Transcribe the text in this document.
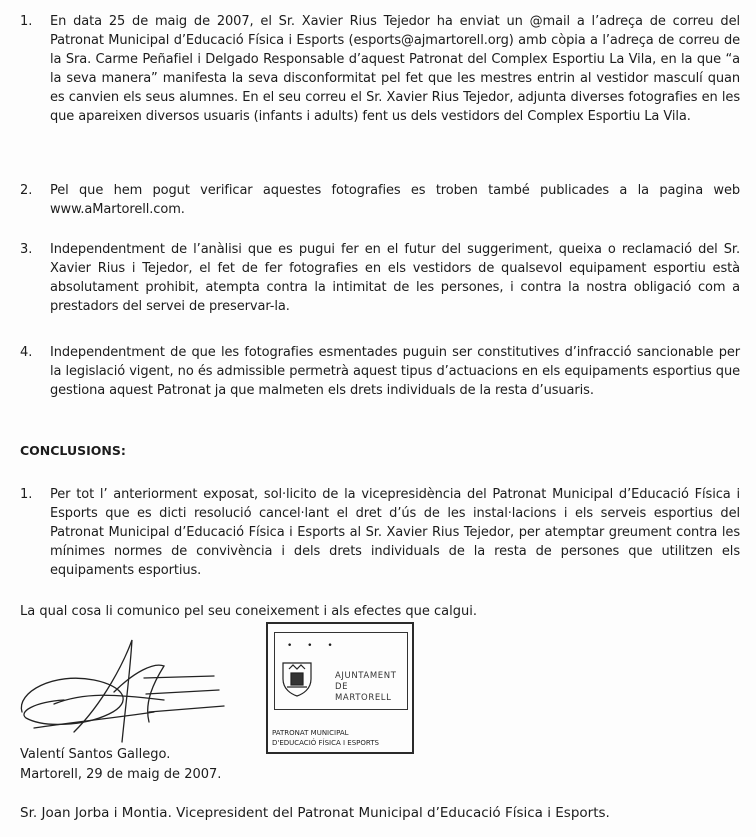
1. En data 25 de maig de 2007, el Sr. Xavier Rius Tejedor ha enviat un @mail a l’adreça de correu del Patronat Municipal d’Educació Física i Esports (esports@ajmartorell.org) amb còpia a l’adreça de correu de la Sra. Carme Peñafiel i Delgado Responsable d’aquest Patronat del Complex Esportiu La Vila, en la que “a la seva manera” manifesta la seva disconformitat pel fet que les mestres entrin al vestidor masculí quan es canvien els seus alumnes. En el seu correu el Sr. Xavier Rius Tejedor, adjunta diverses fotografies en les que apareixen diversos usuaris (infants i adults) fent us dels vestidors del Complex Esportiu La Vila.
2. Pel que hem pogut verificar aquestes fotografies es troben també publicades a la pagina web www.aMartorell.com.
3. Independentment de l’anàlisi que es pugui fer en el futur del suggeriment, queixa o reclamació del Sr. Xavier Rius i Tejedor, el fet de fer fotografies en els vestidors de qualsevol equipament esportiu està absolutament prohibit, atempta contra la intimitat de les persones, i contra la nostra obligació com a prestadors del servei de preservar-la.
4. Independentment de que les fotografies esmentades puguin ser constitutives d’infracció sancionable per la legislació vigent, no és admissible permetrà aquest tipus d’actuacions en els equipaments esportius que gestiona aquest Patronat ja que malmeten els drets individuals de la resta d’usuaris.
CONCLUSIONS:
1. Per tot l’ anteriorment exposat, sol·licito de la vicepresidència del Patronat Municipal d’Educació Física i Esports que es dicti resolució cancel·lant el dret d’ús de les instal·lacions i els serveis esportius del Patronat Municipal d’Educació Física i Esports al Sr. Xavier Rius Tejedor, per atemptar greument contra les mínimes normes de convivència i dels drets individuals de la resta de persones que utilitzen els equipaments esportius.
La qual cosa li comunico pel seu coneixement i als efectes que calgui.
• • •
AJUNTAMENT
DE MARTORELL
PATRONAT MUNICIPAL
D'EDUCACIÓ FÍSICA I ESPORTS
Valentí Santos Gallego.
Martorell, 29 de maig de 2007.
Sr. Joan Jorba i Montia. Vicepresident del Patronat Municipal d’Educació Física i Esports.
